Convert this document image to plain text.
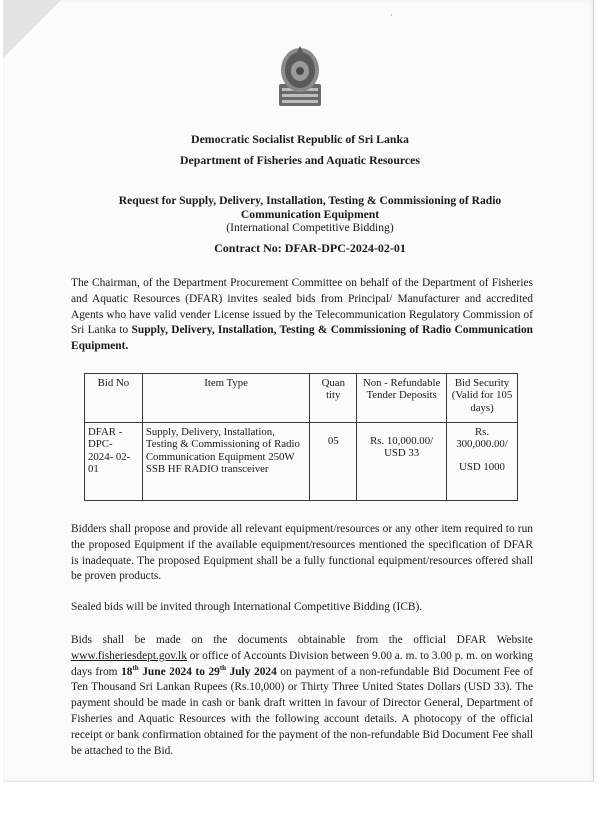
·
Democratic Socialist Republic of Sri Lanka
Department of Fisheries and Aquatic Resources
Request for Supply, Delivery, Installation, Testing & Commissioning of Radio
Communication Equipment
(International Competitive Bidding)
Contract No: DFAR-DPC-2024-02-01
The Chairman, of the Department Procurement Committee on behalf of the Department of Fisheries and Aquatic Resources (DFAR) invites sealed bids from Principal/ Manufacturer and accredited Agents who have valid vender License issued by the Telecommunication Regulatory Commission of Sri Lanka to Supply, Delivery, Installation, Testing & Commissioning of Radio Communication Equipment.
Bid No	Item Type	Quan tity	Non - Refundable Tender Deposits	Bid Security (Valid for 105 days)
DFAR - DPC- 2024- 02- 01	Supply, Delivery, Installation, Testing & Commissioning of Radio Communication Equipment 250W SSB HF RADIO transceiver	05	Rs. 10,000.00/ USD 33	Rs. 300,000.00/
USD 1000
Bidders shall propose and provide all relevant equipment/resources or any other item required to run the proposed Equipment if the available equipment/resources mentioned the specification of DFAR is inadequate. The proposed Equipment shall be a fully functional equipment/resources offered shall be proven products.
Sealed bids will be invited through International Competitive Bidding (ICB).
Bids shall be made on the documents obtainable from the official DFAR Website www.fisheriesdept.gov.lk or office of Accounts Division between 9.00 a. m. to 3.00 p. m. on working days from 18th June 2024 to 29th July 2024 on payment of a non-refundable Bid Document Fee of Ten Thousand Sri Lankan Rupees (Rs.10,000) or Thirty Three United States Dollars (USD 33). The payment should be made in cash or bank draft written in favour of Director General, Department of Fisheries and Aquatic Resources with the following account details. A photocopy of the official receipt or bank confirmation obtained for the payment of the non-refundable Bid Document Fee shall be attached to the Bid.
